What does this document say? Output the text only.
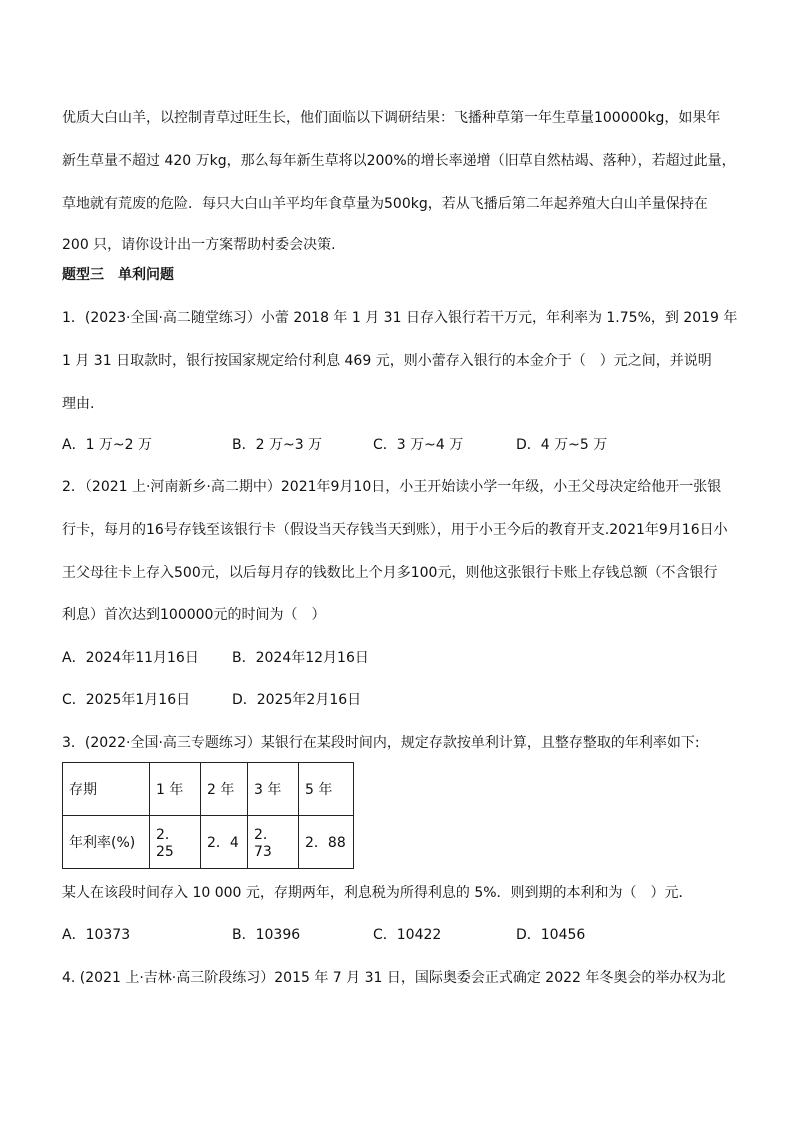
优质大白山羊，以控制青草过旺生长，他们面临以下调研结果：飞播种草第一年生草量100000kg，如果年
新生草量不超过 420 万kg，那么每年新生草将以200%的增长率递增（旧草自然枯竭、落种），若超过此量，
草地就有荒废的危险．每只大白山羊平均年食草量为500kg，若从飞播后第二年起养殖大白山羊量保持在
200 只，请你设计出一方案帮助村委会决策.
题型三　单利问题
1．(2023·全国·高二随堂练习）小蕾 2018 年 1 月 31 日存入银行若干万元，年利率为 1.75%，到 2019 年
1 月 31 日取款时，银行按国家规定给付利息 469 元，则小蕾存入银行的本金介于（　）元之间，并说明
理由.
A．1 万~2 万	B．2 万~3 万	C．3 万~4 万	D．4 万~5 万
2．（2021 上·河南新乡·高二期中）2021年9月10日，小王开始读小学一年级，小王父母决定给他开一张银
行卡，每月的16号存钱至该银行卡（假设当天存钱当天到账），用于小王今后的教育开支.2021年9月16日小
王父母往卡上存入500元，以后每月存的钱数比上个月多100元，则他这张银行卡账上存钱总额（不含银行
利息）首次达到100000元的时间为（　）
A．2024年11月16日 B．2024年12月16日
C．2025年1月16日	D．2025年2月16日
3．(2022·全国·高三专题练习）某银行在某段时间内，规定存款按单利计算，且整存整取的年利率如下:
存期	1 年	2 年	3 年	5 年
年利率(%)	2．25	2．4	2．73	2．88
某人在该段时间存入 10 000 元，存期两年，利息税为所得利息的 5%．则到期的本利和为（　）元．
A．10373	B．10396	C．10422	D．10456
4. (2021 上·吉林·高三阶段练习）2015 年 7 月 31 日，国际奥委会正式确定 2022 年冬奥会的举办权为北
